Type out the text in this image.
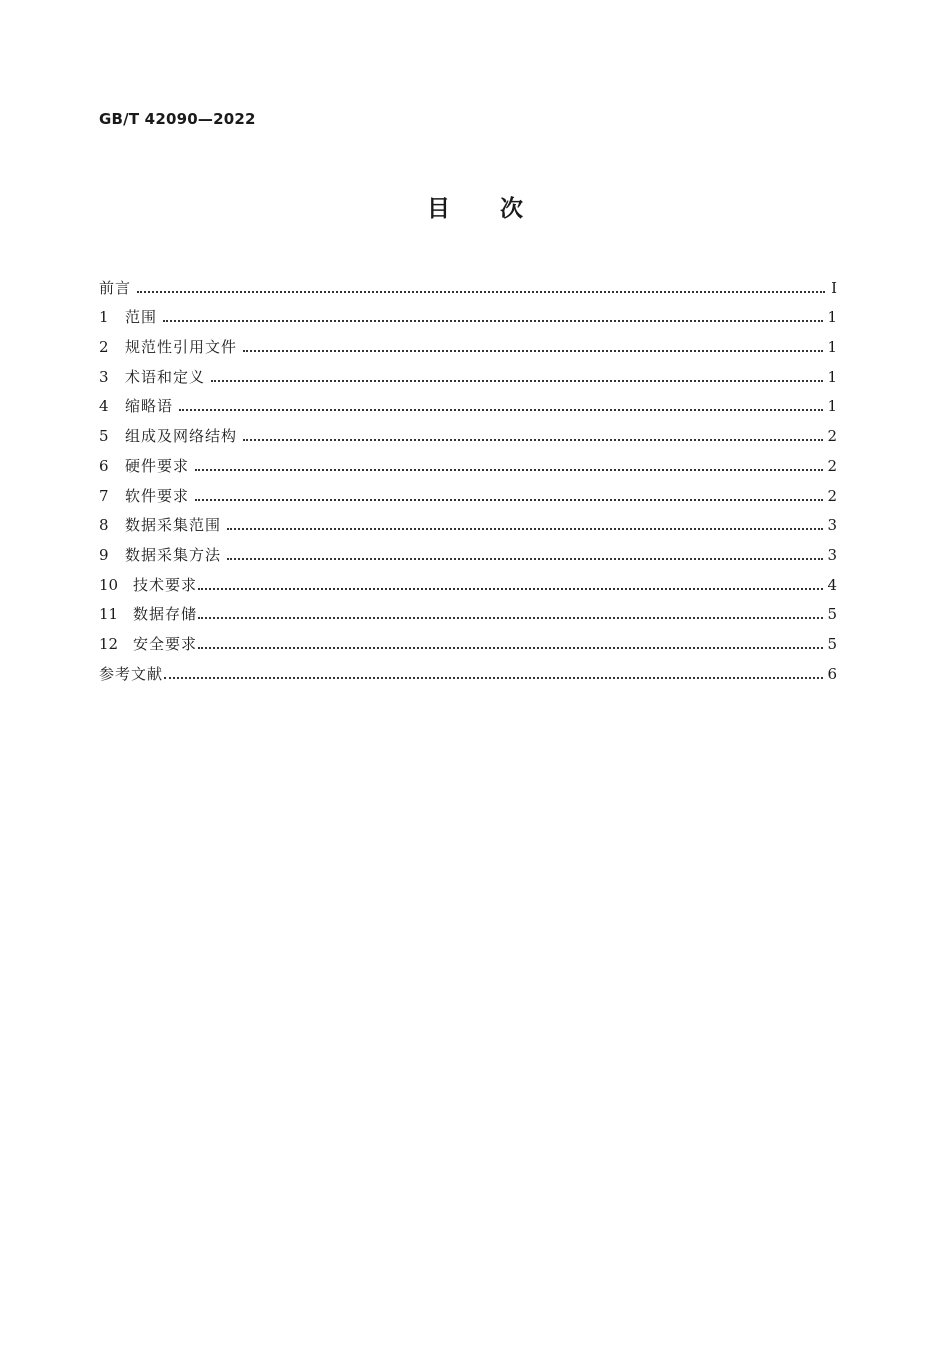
GB/T 42090—2022
目次
前言	I
1	范围	1
2	规范性引用文件	1
3	术语和定义	1
4	缩略语	1
5	组成及网络结构	2
6	硬件要求	2
7	软件要求	2
8	数据采集范围	3
9	数据采集方法	3
10 技术要求	4
11 数据存储	5
12 安全要求	5
参考文献	6
